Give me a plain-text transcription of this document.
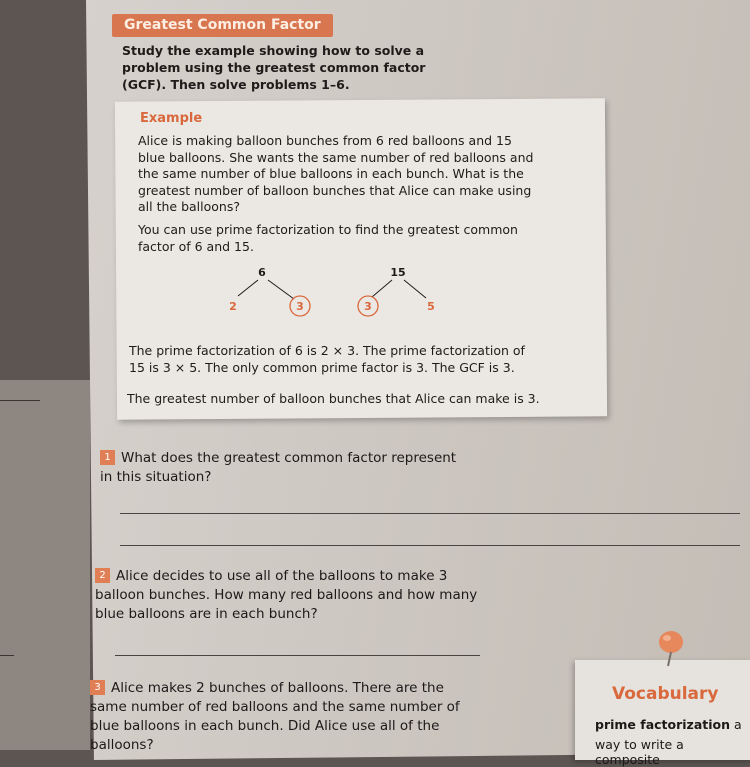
Greatest Common Factor
Study the example showing how to solve a problem using the greatest common factor (GCF). Then solve problems 1–6.
Example
Alice is making balloon bunches from 6 red balloons and 15 blue balloons. She wants the same number of red balloons and the same number of blue balloons in each bunch. What is the greatest number of balloon bunches that Alice can make using all the balloons?
You can use prime factorization to find the greatest common factor of 6 and 15.
6
2	3
15
3	5
The prime factorization of 6 is 2 × 3. The prime factorization of 15 is 3 × 5. The only common prime factor is 3. The GCF is 3.
The greatest number of balloon bunches that Alice can make is 3.
1 What does the greatest common factor represent in this situation?
2 Alice decides to use all of the balloons to make 3 balloon bunches. How many red balloons and how many blue balloons are in each bunch?
3 Alice makes 2 bunches of balloons. There are the same number of red balloons and the same number of blue balloons in each bunch. Did Alice use all of the balloons?
Vocabulary
prime factorization a
way to write a composite
